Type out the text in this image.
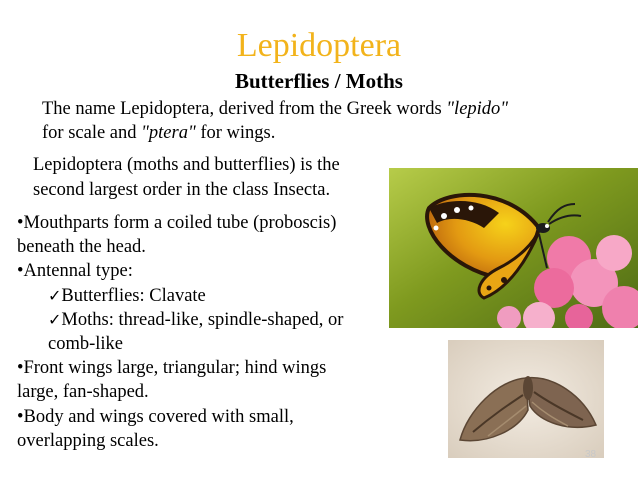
Lepidoptera
Butterflies / Moths
The name Lepidoptera, derived from the Greek words "lepido"
for scale and "ptera" for wings.
Lepidoptera (moths and butterflies) is the
second largest order in the class Insecta.
•Mouthparts form a coiled tube (proboscis)
beneath the head.
•Antennal type:
✓Butterflies: Clavate
✓Moths: thread-like, spindle-shaped, or
comb-like
•Front wings large, triangular; hind wings
large, fan-shaped.
•Body and wings covered with small,
overlapping scales.
38
